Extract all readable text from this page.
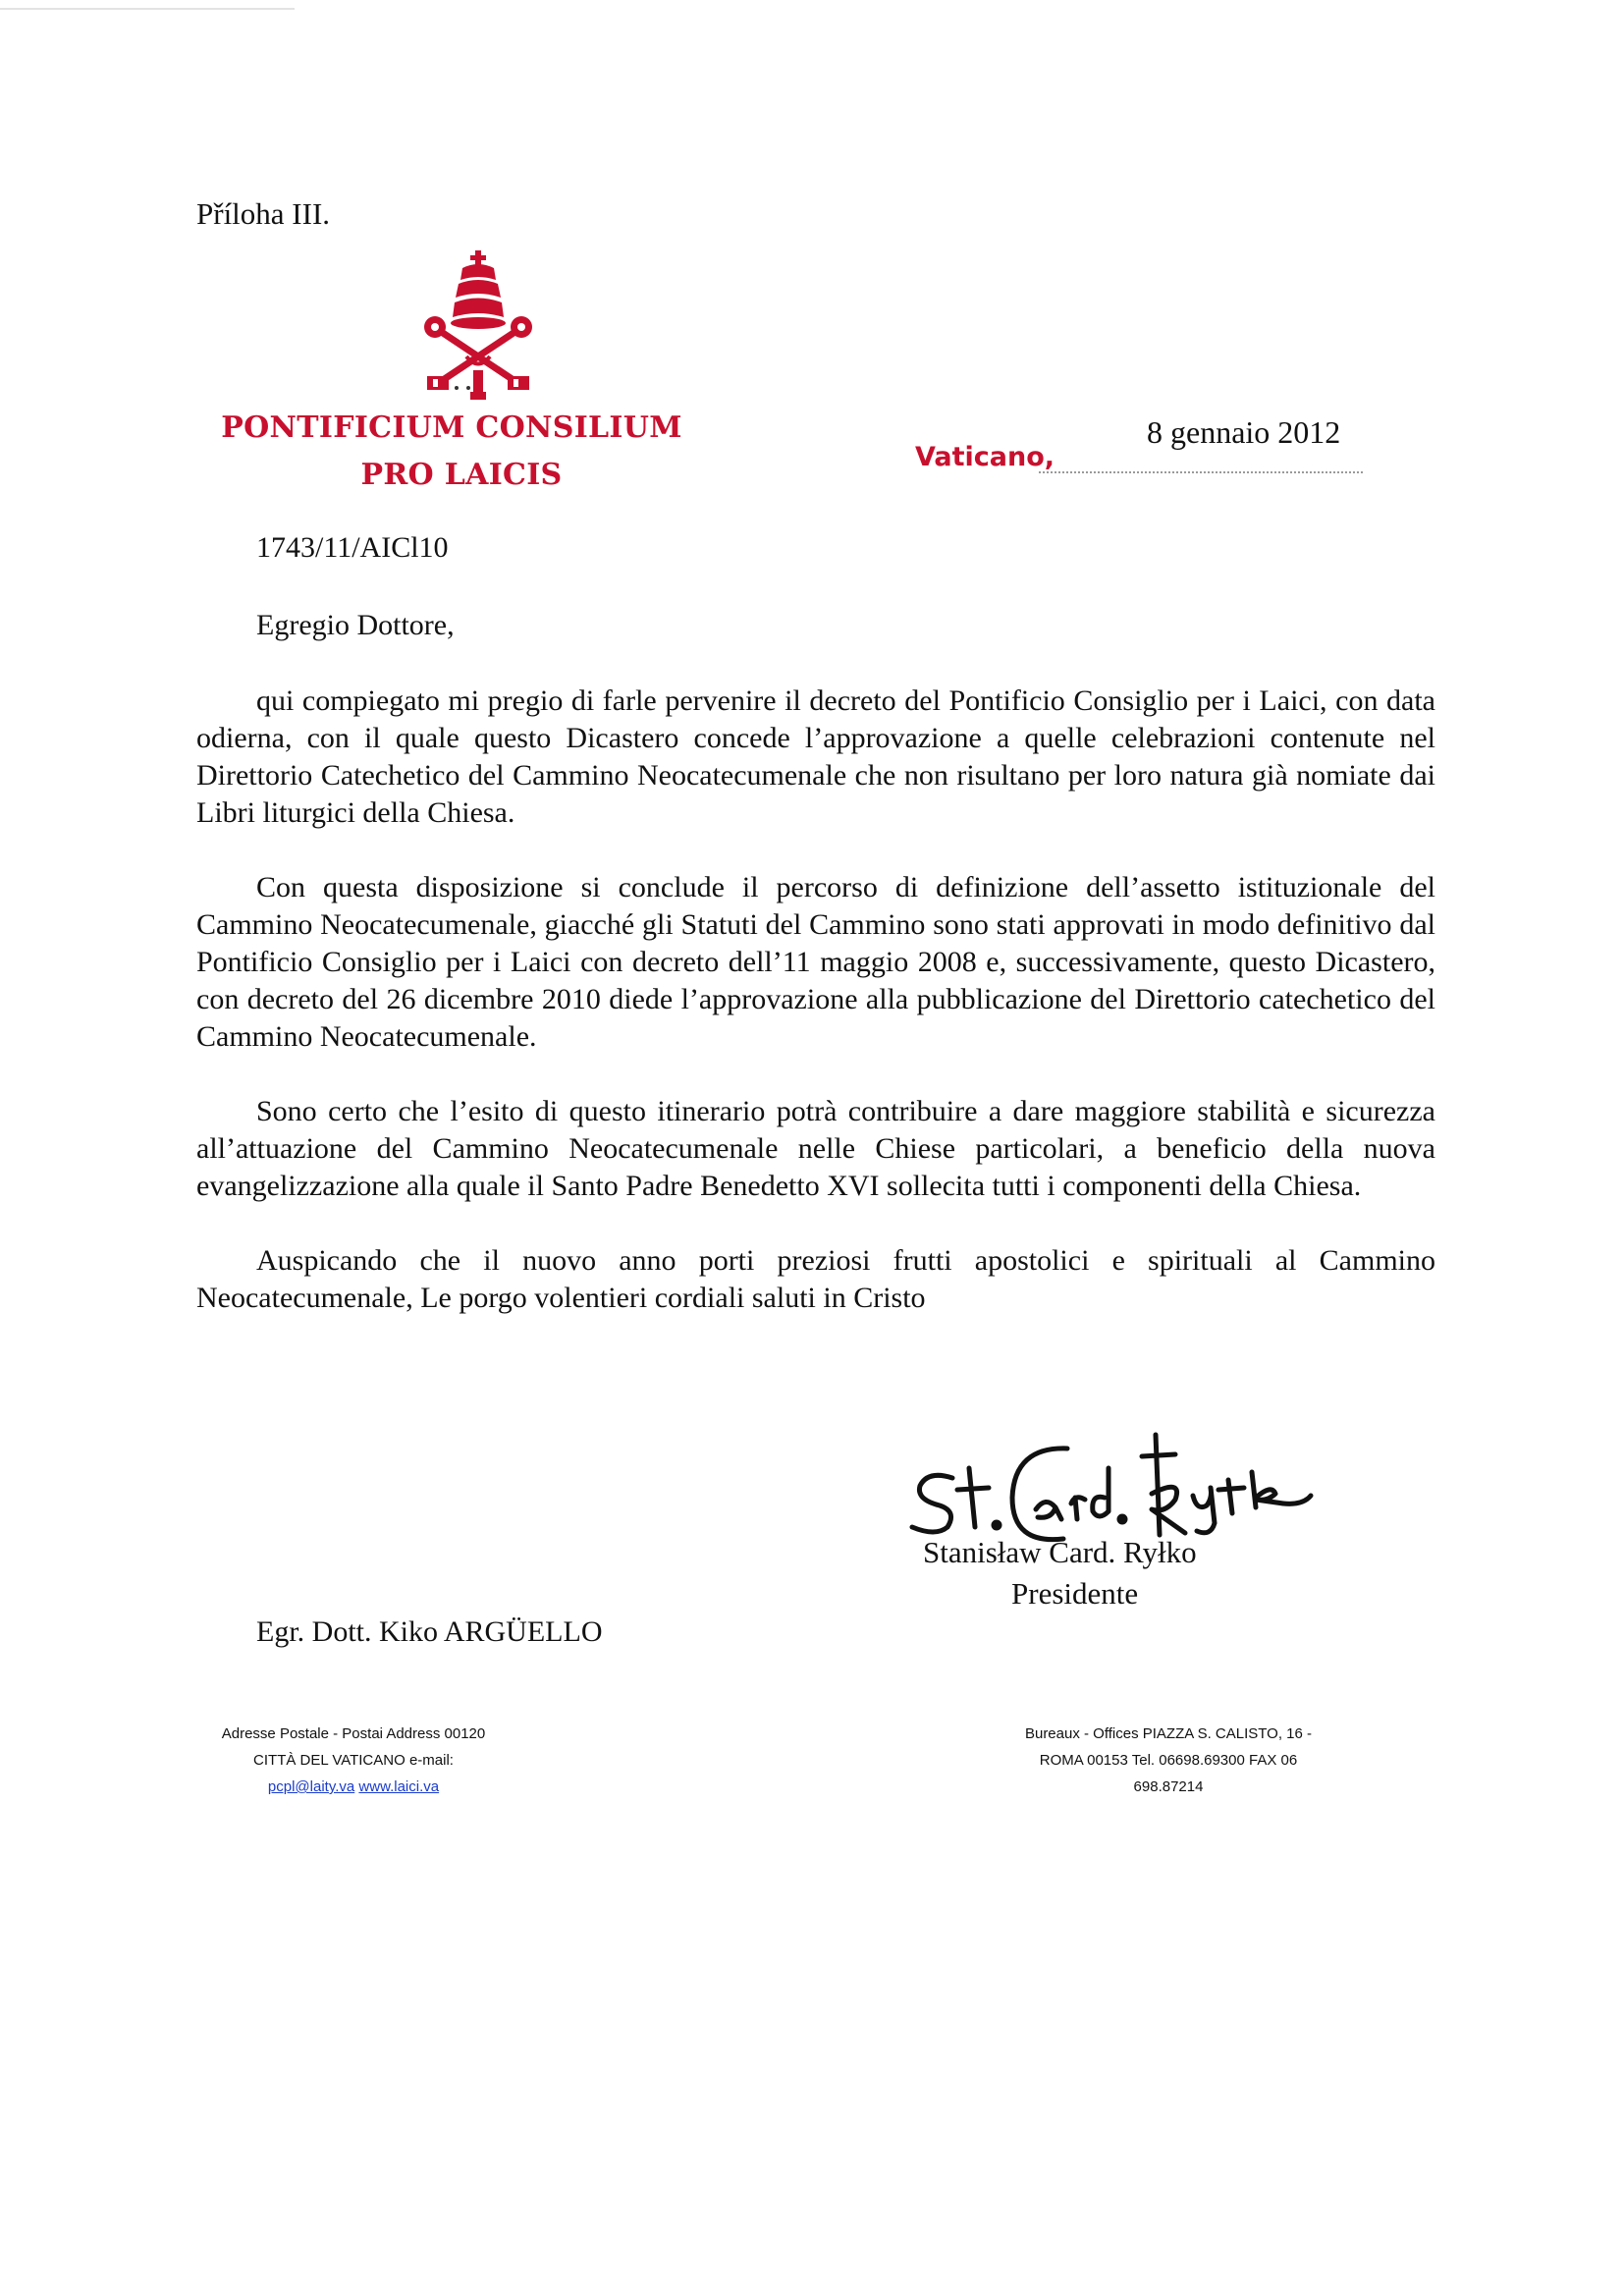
Příloha III.
PONTIFICIUM CONSILIUM
PRO LAICIS
Vaticano,
8 gennaio 2012
1743/11/AICl10
Egregio Dottore,

qui compiegato mi pregio di farle pervenire il decreto del Pontificio Consiglio per i Laici, con data odierna, con il quale questo Dicastero concede l’approvazione a quelle celebrazioni contenute nel Direttorio Catechetico del Cammino Neocatecumenale che non risultano per loro natura già nomiate dai Libri liturgici della Chiesa.

Con questa disposizione si conclude il percorso di definizione dell’assetto istituzionale del Cammino Neocatecumenale, giacché gli Statuti del Cammino sono stati approvati in modo definitivo dal Pontificio Consiglio per i Laici con decreto dell’11 maggio 2008 e, successivamente, questo Dicastero, con decreto del 26 dicembre 2010 diede l’approvazione alla pubblicazione del Direttorio catechetico del Cammino Neocatecumenale.

Sono certo che l’esito di questo itinerario potrà contribuire a dare maggiore stabilità e sicurezza all’attuazione del Cammino Neocatecumenale nelle Chiese particolari, a beneficio della nuova evangelizzazione alla quale il Santo Padre Benedetto XVI sollecita tutti i componenti della Chiesa.

Auspicando che il nuovo anno porti preziosi frutti apostolici e spirituali al Cammino Neocatecumenale, Le porgo volentieri cordiali saluti in Cristo

Stanisław Card. Ryłko
Presidente
Egr. Dott. Kiko ARGÜELLO
Adresse Postale - Postai Address 00120
CITTÀ DEL VATICANO e-mail:
pcpl@laity.va www.laici.va
Bureaux - Offices PIAZZA S. CALISTO, 16 -
ROMA 00153 Tel. 06698.69300 FAX 06
698.87214
